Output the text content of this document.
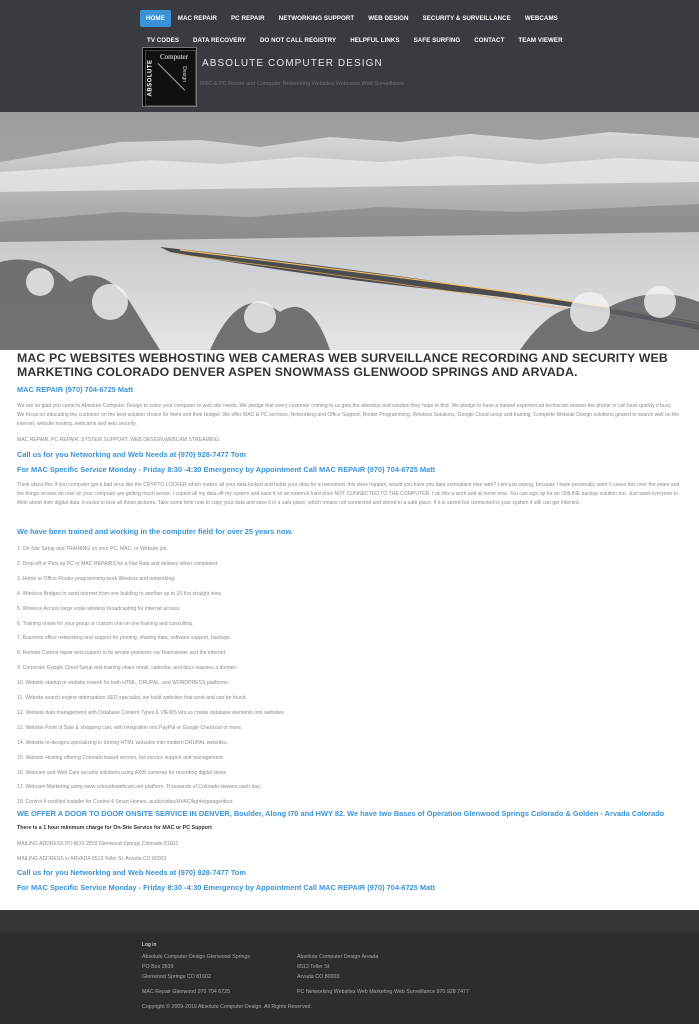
HOME	MAC REPAIR	PC REPAIR	NETWORKING SUPPORT	WEB DESIGN	SECURITY & SURVEILLANCE	WEBCAMS
TV CODES	DATA RECOVERY	DO NOT CALL REGISTRY	HELPFUL LINKS	SAFE SURFING	CONTACT	TEAM VIEWER
Computer
ABSOLUTE	Design
ABSOLUTE COMPUTER DESIGN
MAC & PC Router and Computer Networking Websites Webcams Web Surveillance
MAC PC WEBSITES WEBHOSTING WEB CAMERAS WEB SURVEILLANCE RECORDING AND SECURITY WEB MARKETING COLORADO DENVER ASPEN SNOWMASS GLENWOOD SPRINGS AND ARVADA.
MAC REPAIR (970) 704-6725 Matt
We are so glad you came to Absolute Computer Design to solve your computer or web site needs. We pledge that every customer coming to us gets the attention and solution they hope to find. We pledge to have a trained experienced technician answer the phone or call back quickly if busy. We focus on educating the customer on the best solution choice for them and their budget. We offer MAC & PC services, Networking and Office Support, Router Programming, Wireless Solutions, Google Cloud setup and training, Complete Website Design solutions geared to search well on the internet, website hosting, webcams and web security.
MAC REPAIR, PC REPAIR, SYSTEM SUPPORT, WEB DESIGN,WEBCAM STREAMING.
Call us for you Networking and Web Needs at (970) 928-7477 Tom
For MAC Specific Service Monday - Friday 8:30 -4:30 Emergency by Appointment Call MAC REPAIR (970) 704-6725 Matt
Think about this If you computer got a bad virus like the CRYPTO LOCKER which makes all your data locked and holds your data for a ransomed, this does happen, would you have you data someplace else safe? I am just saying, because I have personally seen 5 cases this over the years and the things viruses do now on your computer are getting much worse. I copied all my data off my system and save it on an external hard drive NOT CONNECTED TO THE COMPUTER. I do this a work and at home now. You can sign up for an ONLINE backup solution too. Just want everyone to think about their digital data, it sucks to lose all those pictures. Take some time now to copy your data and save it in a safe place, which means not connected and stored in a safe place. If it is saved but connected to your system it still can get infected.
We have been trained and working in the computer field for over 25 years now.
1. On-Site Setup and TRAINING on your PC, MAC, or Website job.
2. Drop-off or Pick-up PC or MAC REPAIRS for a Flat Rate and delivery when completed.
3. Home or Office Router programming work Wireless and networking.
4. Wireless Bridges to send internet from one building to another up to 15 Km straight view.
5. Wireless Access large scale wireless broadcasting for internet access.
6. Training onsite for your group or custom one on one training and consulting.
7. Business office networking and support for printing, sharing data, software support, backups.
8. Remote Control repair and support to fix simple problems via Teamviewer and the internet.
9. Corporate Google Cloud Setup and training share email, calendar, and docs requires a domain.
10. Website startup or website rework for both HTML, DRUPAL, and WORDPRESS platforms.
11. Website search engine optimization SEO specialist, we build websites that work and can be found.
12. Website data management with Database Content Types & VIEWS lets us create database elements into websites.
13. Website Point of Sale & shopping cart, with integration into PayPal or Google Checkout or more.
14. Website re-designs specializing in turning HTML websites into modern DRUPAL websites.
15. Website Hosting offering Colorado based servers, full service support and management.
16. Webcam and Web Cam security solutions using AXIS cameras for recording digital views.
17. Webcam Marketing using www.coloradowebcam.net platform, Thousands of Colorado viewers each day.
18. Control 4 certified installer for Control 4 Smart Homes, audio/video/HVAC/lights/garage/door.
WE OFFER A DOOR TO DOOR ONSITE SERVICE IN DENVER, Boulder, Along I70 and HWY 82. We have two Bases of Operation Glenwood Springs Colorado & Golden - Arvada Colorado
There is a 1 hour minimum charge for On-Site Service for MAC or PC Support
MAILING ADDRESS PO BOX 2839 Glenwood Springs Colorado 81602
MAILING ADDRESS in ARVADA 6513 Teller St. Arvada CO 80003
Call us for you Networking and Web Needs at (970) 928-7477 Tom
For MAC Specific Service Monday - Friday 8:30 -4:30 Emergency by Appointment Call MAC REPAIR (970) 704-6725 Matt
Log in
Absolute Computer Design Glenwood Springs
PO Box 2839
Glenwood Springs CO 81602
Absolute Computer Design Arvada
6513 Teller St
Arvada CO 80003
MAC Repair Glenwood 970 704 6725	PC Networking Websites Web Marketing Web Surveillance 970 928 7477
Copyright © 2009-2019 Absolute Computer Design. All Rights Reserved.
